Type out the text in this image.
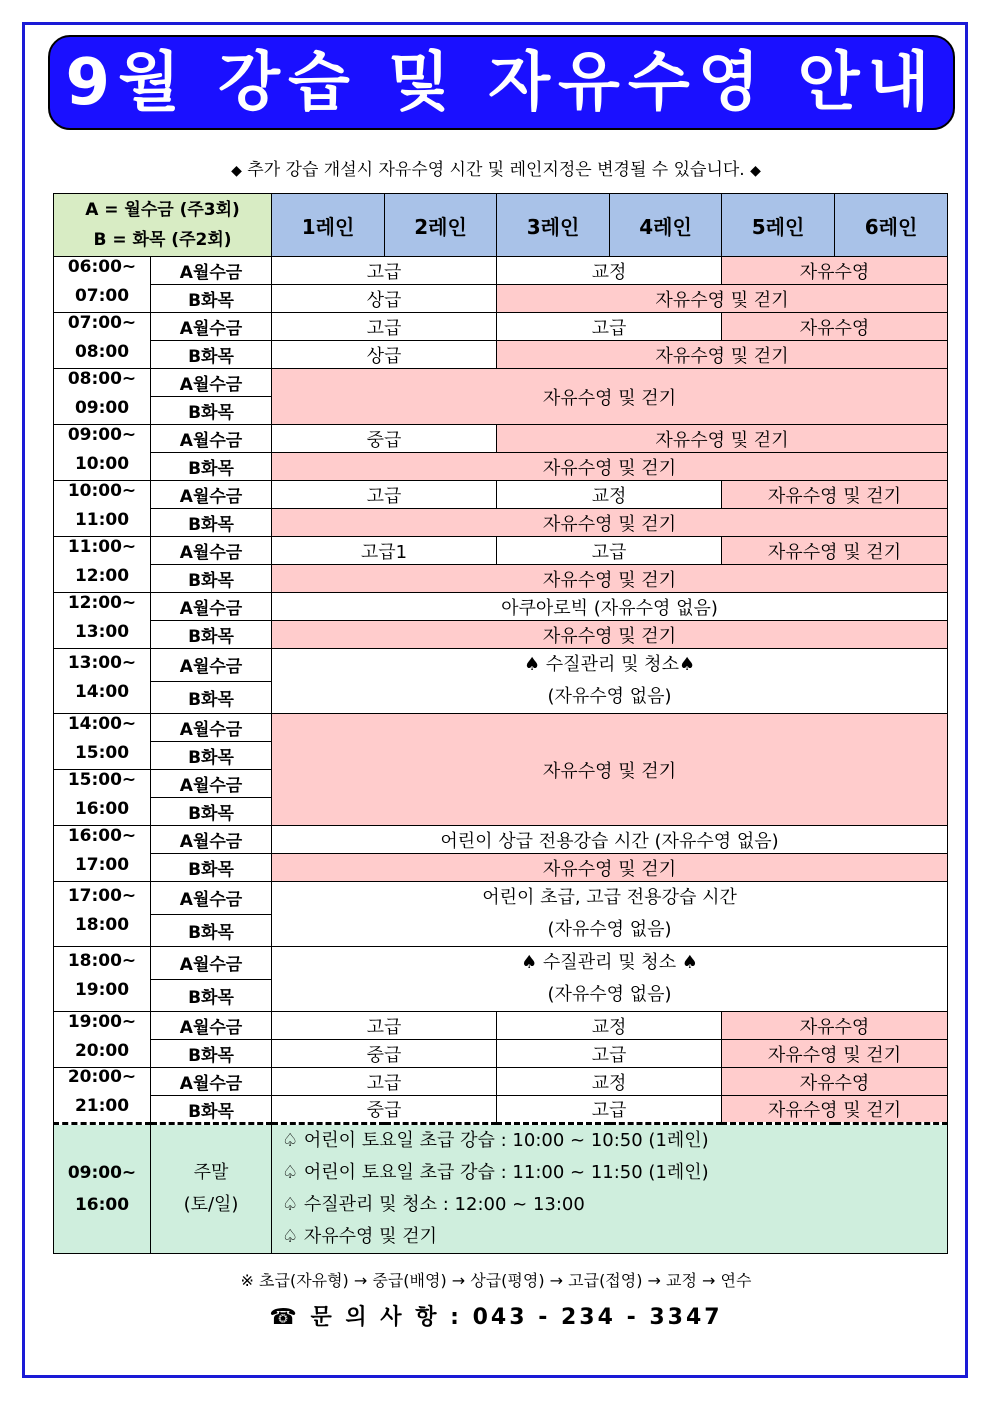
9월 강습 및 자유수영 안내
◆ 추가 강습 개설시 자유수영 시간 및 레인지정은 변경될 수 있습니다. ◆
A = 월수금 (주3회)
B = 화목 (주2회)		1레인	2레인	3레인	4레인	5레인	6레인

06:00~
07:00	A월수금	고급		교정		자유수영	
	B화목	상급		자유수영 및 걷기			

07:00~
08:00	A월수금	고급		고급		자유수영	
	B화목	상급		자유수영 및 걷기			

08:00~
09:00	A월수금	자유수영 및 걷기					
	B화목						

09:00~
10:00	A월수금	중급		자유수영 및 걷기			
	B화목	자유수영 및 걷기					

10:00~
11:00	A월수금	고급		교정		자유수영 및 걷기	
	B화목	자유수영 및 걷기					

11:00~
12:00	A월수금	고급1		고급		자유수영 및 걷기	
	B화목	자유수영 및 걷기					

12:00~
13:00	A월수금	아쿠아로빅 (자유수영 없음)					
	B화목	자유수영 및 걷기					

13:00~
14:00	A월수금	♠ 수질관리 및 청소♠
(자유수영 없음)					

	B화목						

14:00~
15:00	A월수금	자유수영 및 걷기					
	B화목						

15:00~
16:00	A월수금						
	B화목						

16:00~
17:00	A월수금	어린이 상급 전용강습 시간 (자유수영 없음)					
	B화목	자유수영 및 걷기					

17:00~
18:00	A월수금	어린이 초급, 고급 전용강습 시간
(자유수영 없음)					

	B화목						

18:00~
19:00	A월수금	♠ 수질관리 및 청소 ♠
(자유수영 없음)					

	B화목						

19:00~
20:00	A월수금	고급		교정		자유수영	
	B화목	중급		고급		자유수영 및 걷기	

20:00~
21:00	A월수금	고급		교정		자유수영	
	B화목	중급		고급		자유수영 및 걷기	

09:00~
16:00	주말
(토/일)	♤ 어린이 토요일 초급 강습 : 10:00 ~ 10:50 (1레인)
♤ 어린이 토요일 초급 강습 : 11:00 ~ 11:50 (1레인)
♤ 수질관리 및 청소 : 12:00 ~ 13:00
♤ 자유수영 및 걷기					
※ 초급(자유형) → 중급(배영) → 상급(평영) → 고급(접영) → 교정 → 연수
☎ 문 의 사 항 : 043 - 234 - 3347
